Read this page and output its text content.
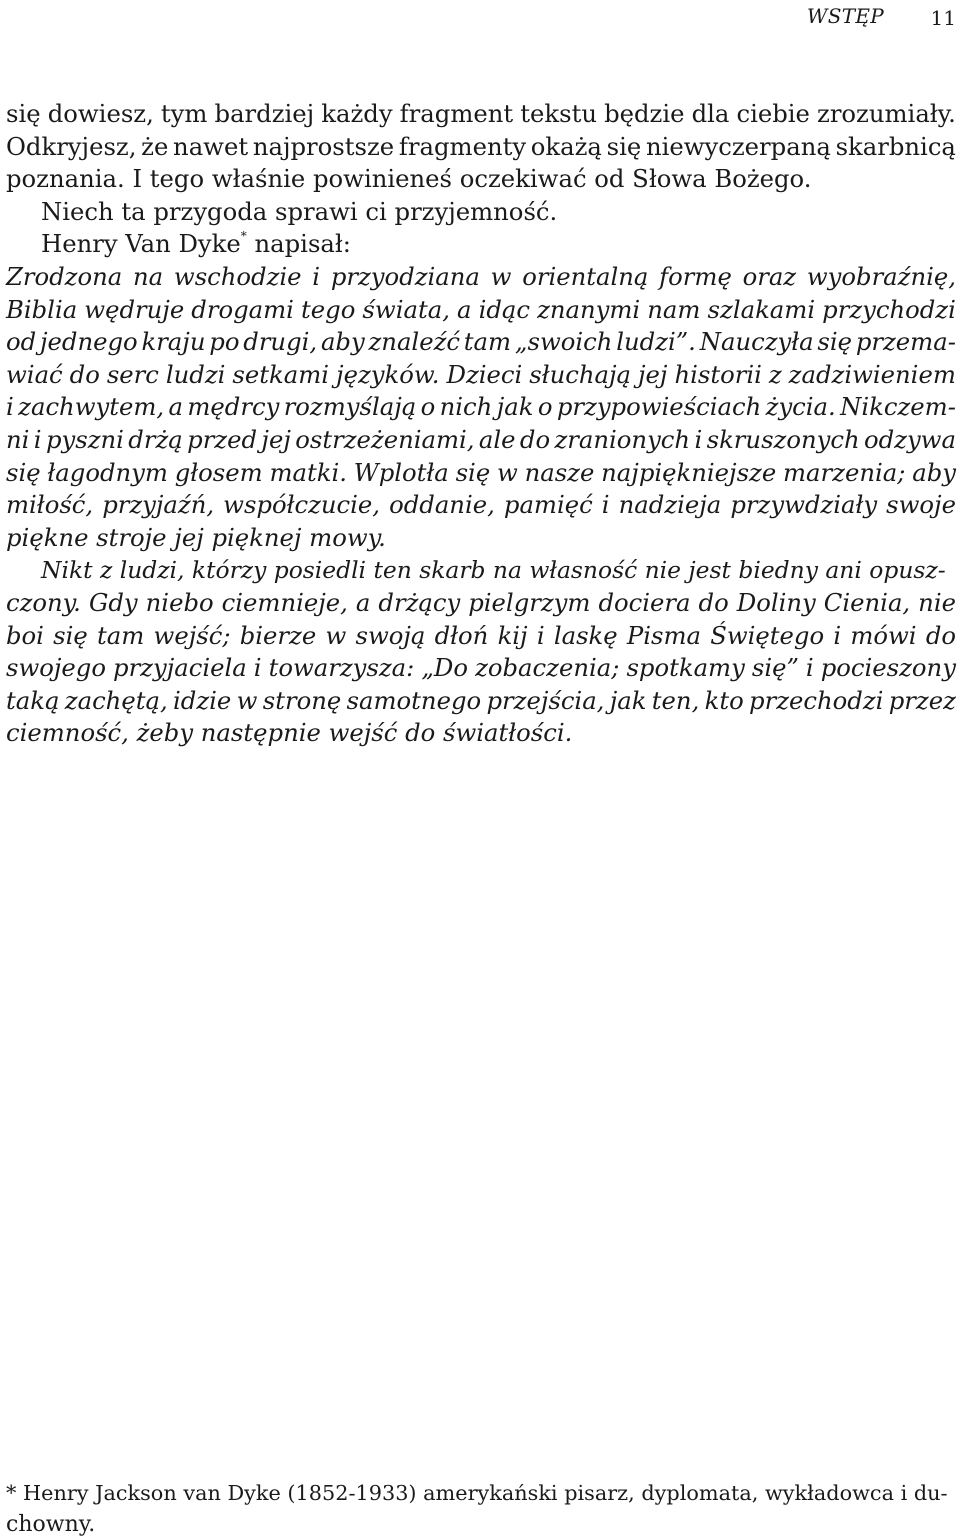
WSTĘP 11
się dowiesz, tym bardziej każdy fragment tekstu będzie dla ciebie zrozumiały.
Odkryjesz, że nawet najprostsze fragmenty okażą się niewyczerpaną skarbnicą
poznania. I tego właśnie powinieneś oczekiwać od Słowa Bożego.
Niech ta przygoda sprawi ci przyjemność.
Henry Van Dyke* napisał:
Zrodzona na wschodzie i przyodziana w orientalną formę oraz wyobraźnię,
Biblia wędruje drogami tego świata, a idąc znanymi nam szlakami przychodzi
od jednego kraju po drugi, aby znaleźć tam „swoich ludzi”. Nauczyła się przema-
wiać do serc ludzi setkami języków. Dzieci słuchają jej historii z zadziwieniem
i zachwytem, a mędrcy rozmyślają o nich jak o przypowieściach życia. Nikczem-
ni i pyszni drżą przed jej ostrzeżeniami, ale do zranionych i skruszonych odzywa
się łagodnym głosem matki. Wplotła się w nasze najpiękniejsze marzenia; aby
miłość, przyjaźń, współczucie, oddanie, pamięć i nadzieja przywdziały swoje
piękne stroje jej pięknej mowy.
Nikt z ludzi, którzy posiedli ten skarb na własność nie jest biedny ani opusz-
czony. Gdy niebo ciemnieje, a drżący pielgrzym dociera do Doliny Cienia, nie
boi się tam wejść; bierze w swoją dłoń kij i laskę Pisma Świętego i mówi do
swojego przyjaciela i towarzysza: „Do zobaczenia; spotkamy się” i pocieszony
taką zachętą, idzie w stronę samotnego przejścia, jak ten, kto przechodzi przez
ciemność, żeby następnie wejść do światłości.
* Henry Jackson van Dyke (1852-1933) amerykański pisarz, dyplomata, wykładowca i du-
chowny.
